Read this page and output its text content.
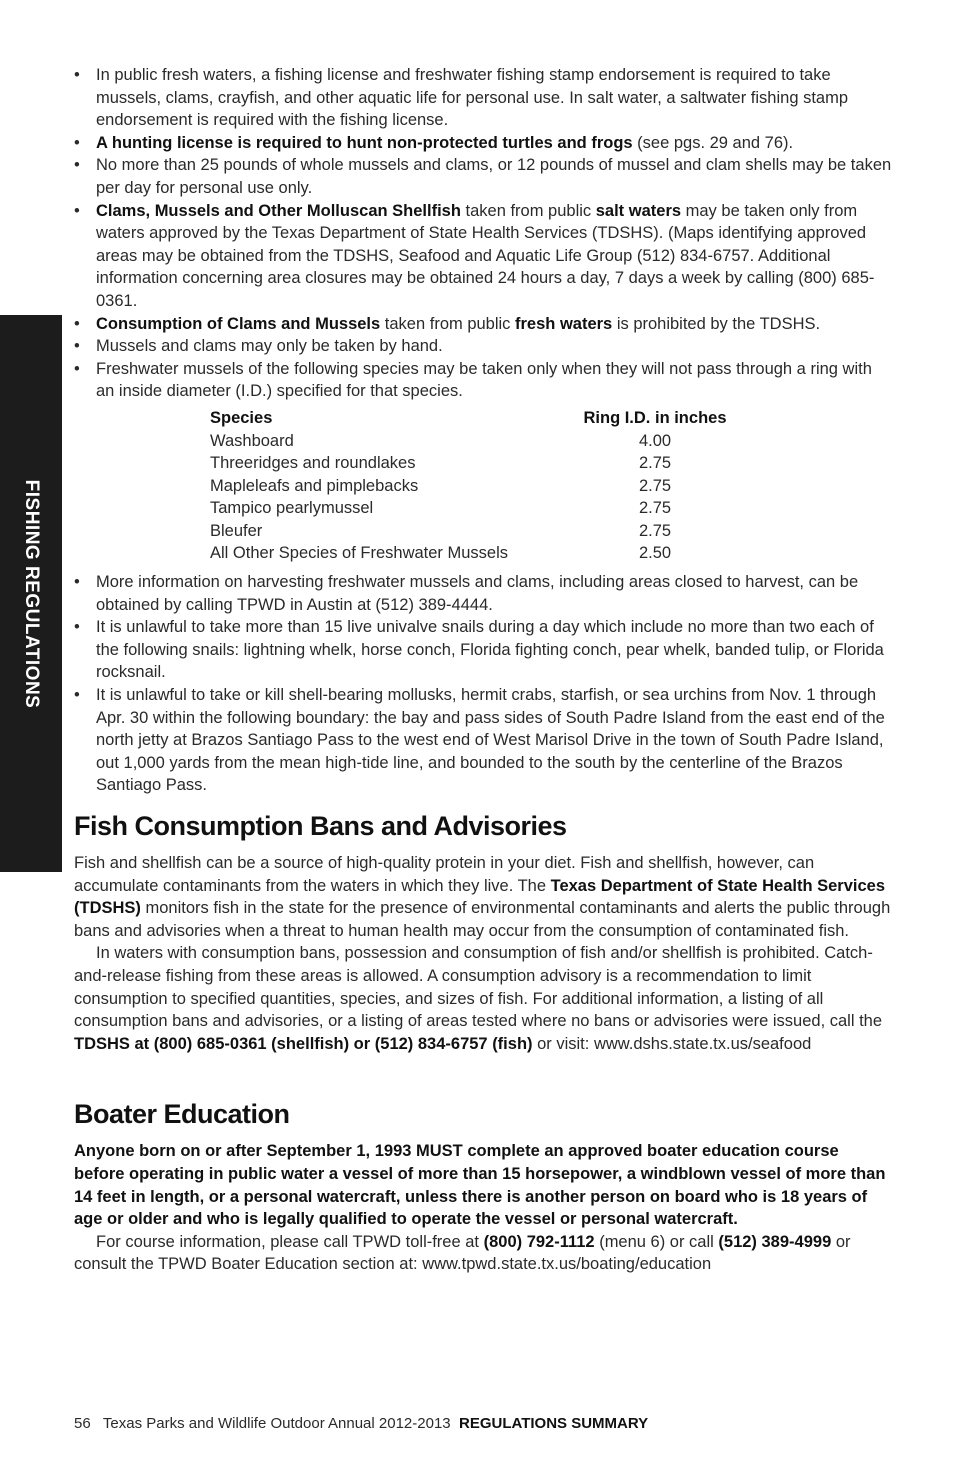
FISHING REGULATIONS
• In public fresh waters, a fishing license and freshwater fishing stamp endorsement is required to take mussels, clams, crayfish, and other aquatic life for personal use. In salt water, a saltwater fishing stamp endorsement is required with the fishing license.
• A hunting license is required to hunt non-protected turtles and frogs (see pgs. 29 and 76).
• No more than 25 pounds of whole mussels and clams, or 12 pounds of mussel and clam shells may be taken per day for personal use only.
• Clams, Mussels and Other Molluscan Shellfish taken from public salt waters may be taken only from waters approved by the Texas Department of State Health Services (TDSHS). (Maps identifying approved areas may be obtained from the TDSHS, Seafood and Aquatic Life Group (512) 834-6757. Additional information concerning area closures may be obtained 24 hours a day, 7 days a week by calling (800) 685-0361.
• Consumption of Clams and Mussels taken from public fresh waters is prohibited by the TDSHS.
• Mussels and clams may only be taken by hand.
• Freshwater mussels of the following species may be taken only when they will not pass through a ring with an inside diameter (I.D.) specified for that species.
Species	Ring I.D. in inches
Washboard	4.00
Threeridges and roundlakes	2.75
Mapleleafs and pimplebacks	2.75
Tampico pearlymussel	2.75
Bleufer	2.75
All Other Species of Freshwater Mussels	2.50
• More information on harvesting freshwater mussels and clams, including areas closed to harvest, can be obtained by calling TPWD in Austin at (512) 389-4444.
• It is unlawful to take more than 15 live univalve snails during a day which include no more than two each of the following snails: lightning whelk, horse conch, Florida fighting conch, pear whelk, banded tulip, or Florida rocksnail.
• It is unlawful to take or kill shell-bearing mollusks, hermit crabs, starfish, or sea urchins from Nov. 1 through Apr. 30 within the following boundary: the bay and pass sides of South Padre Island from the east end of the north jetty at Brazos Santiago Pass to the west end of West Marisol Drive in the town of South Padre Island, out 1,000 yards from the mean high-tide line, and bounded to the south by the centerline of the Brazos Santiago Pass.
Fish Consumption Bans and Advisories

Fish and shellfish can be a source of high-quality protein in your diet. Fish and shellfish, however, can accumulate contaminants from the waters in which they live. The Texas Department of State Health Services (TDSHS) monitors fish in the state for the presence of environmental contaminants and alerts the public through bans and advisories when a threat to human health may occur from the consumption of contaminated fish.

In waters with consumption bans, possession and consumption of fish and/or shellfish is prohibited. Catch-and-release fishing from these areas is allowed. A consumption advisory is a recommendation to limit consumption to specified quantities, species, and sizes of fish. For additional information, a listing of all consumption bans and advisories, or a listing of areas tested where no bans or advisories were issued, call the TDSHS at (800) 685-0361 (shellfish) or (512) 834-6757 (fish) or visit: www.dshs.state.tx.us/seafood

Boater Education

Anyone born on or after September 1, 1993 MUST complete an approved boater education course before operating in public water a vessel of more than 15 horsepower, a windblown vessel of more than 14 feet in length, or a personal watercraft, unless there is another person on board who is 18 years of age or older and who is legally qualified to operate the vessel or personal watercraft.

For course information, please call TPWD toll-free at (800) 792-1112 (menu 6) or call (512) 389-4999 or consult the TPWD Boater Education section at: www.tpwd.state.tx.us/boating/education

56 Texas Parks and Wildlife Outdoor Annual 2012-2013 REGULATIONS SUMMARY
